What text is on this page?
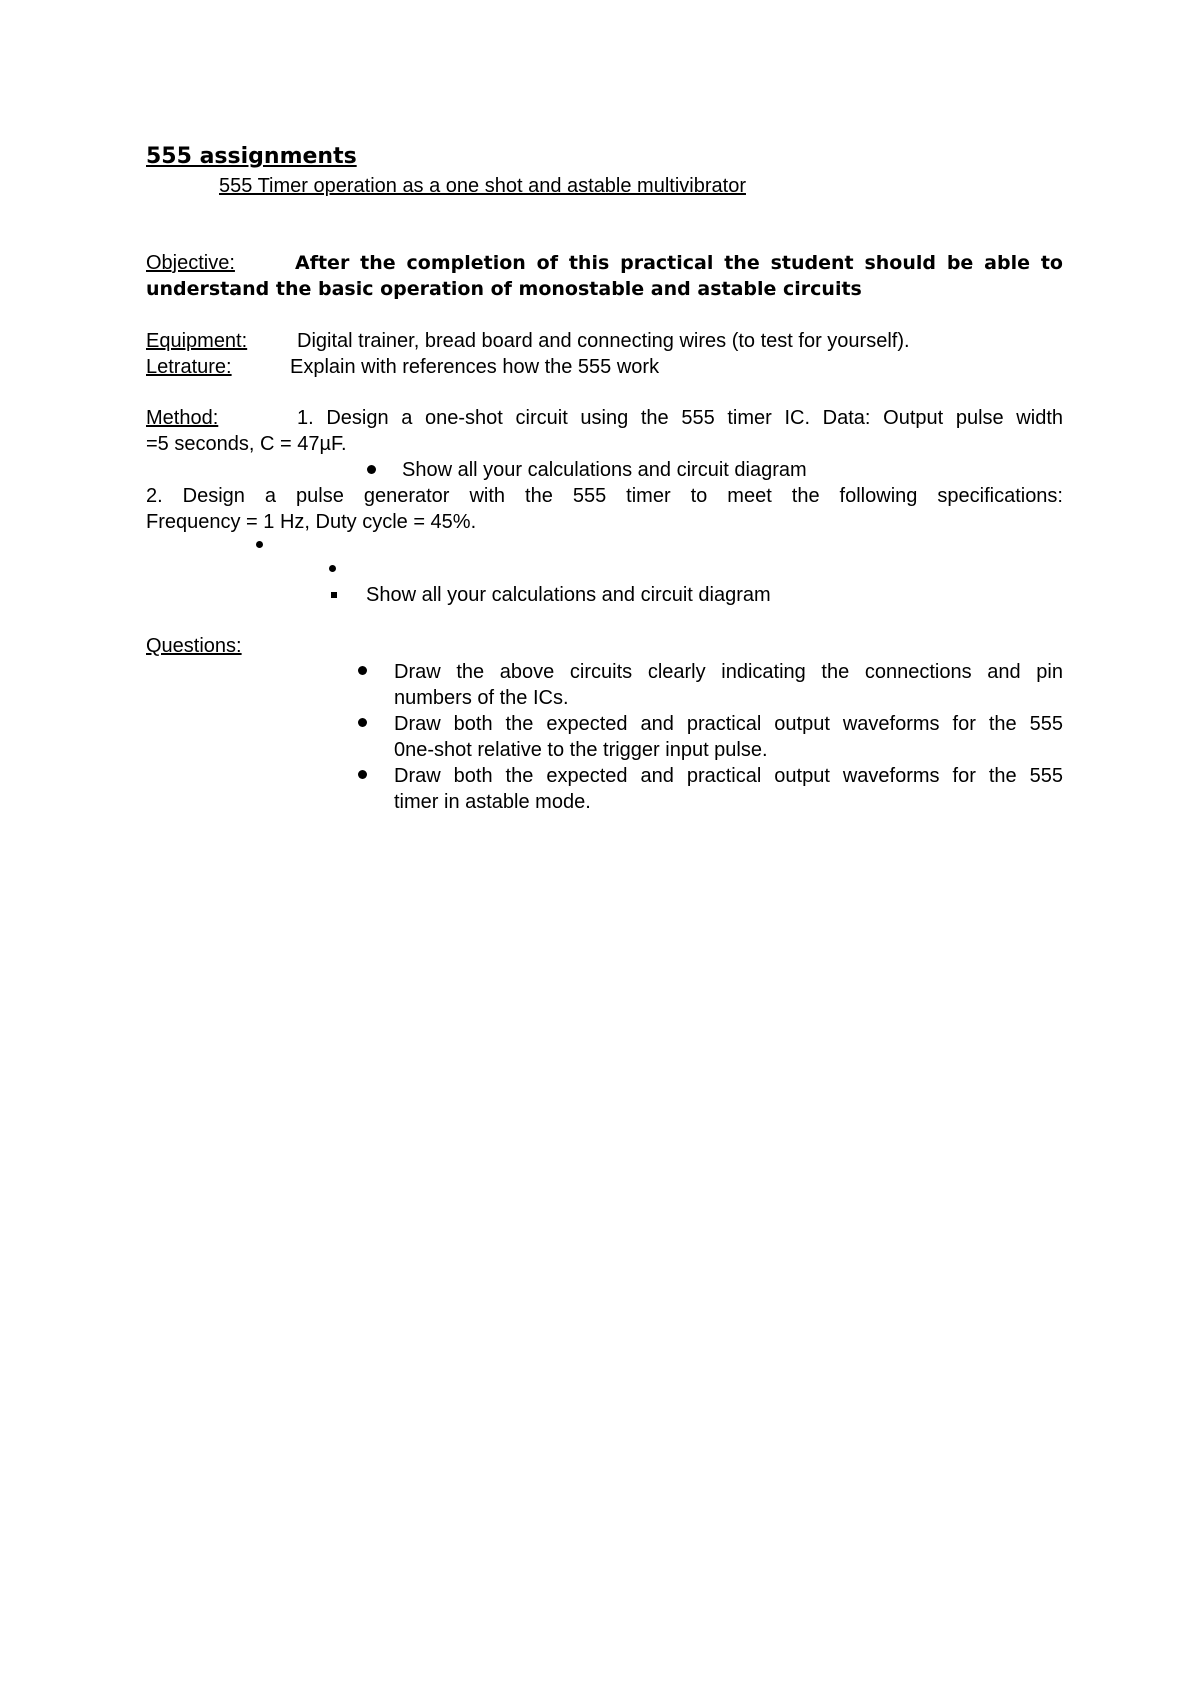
555 assignments
555 Timer operation as a one shot and astable multivibrator
Objective:	After the completion of this practical the student should be able to
understand the basic operation of monostable and astable circuits
Equipment: Digital trainer, bread board and connecting wires (to test for yourself).
Letrature:	Explain with references how the 555 work
Method:	1. Design a one-shot circuit using the 555 timer IC. Data: Output pulse width
=5 seconds, C = 47µF.
Show all your calculations and circuit diagram
2. Design a pulse generator with the 555 timer to meet the following specifications:
Frequency = 1 Hz, Duty cycle = 45%.
Show all your calculations and circuit diagram
Questions:
Draw the above circuits clearly indicating the connections and pin
numbers of the ICs.
Draw both the expected and practical output waveforms for the 555
0ne-shot relative to the trigger input pulse.
Draw both the expected and practical output waveforms for the 555
timer in astable mode.
